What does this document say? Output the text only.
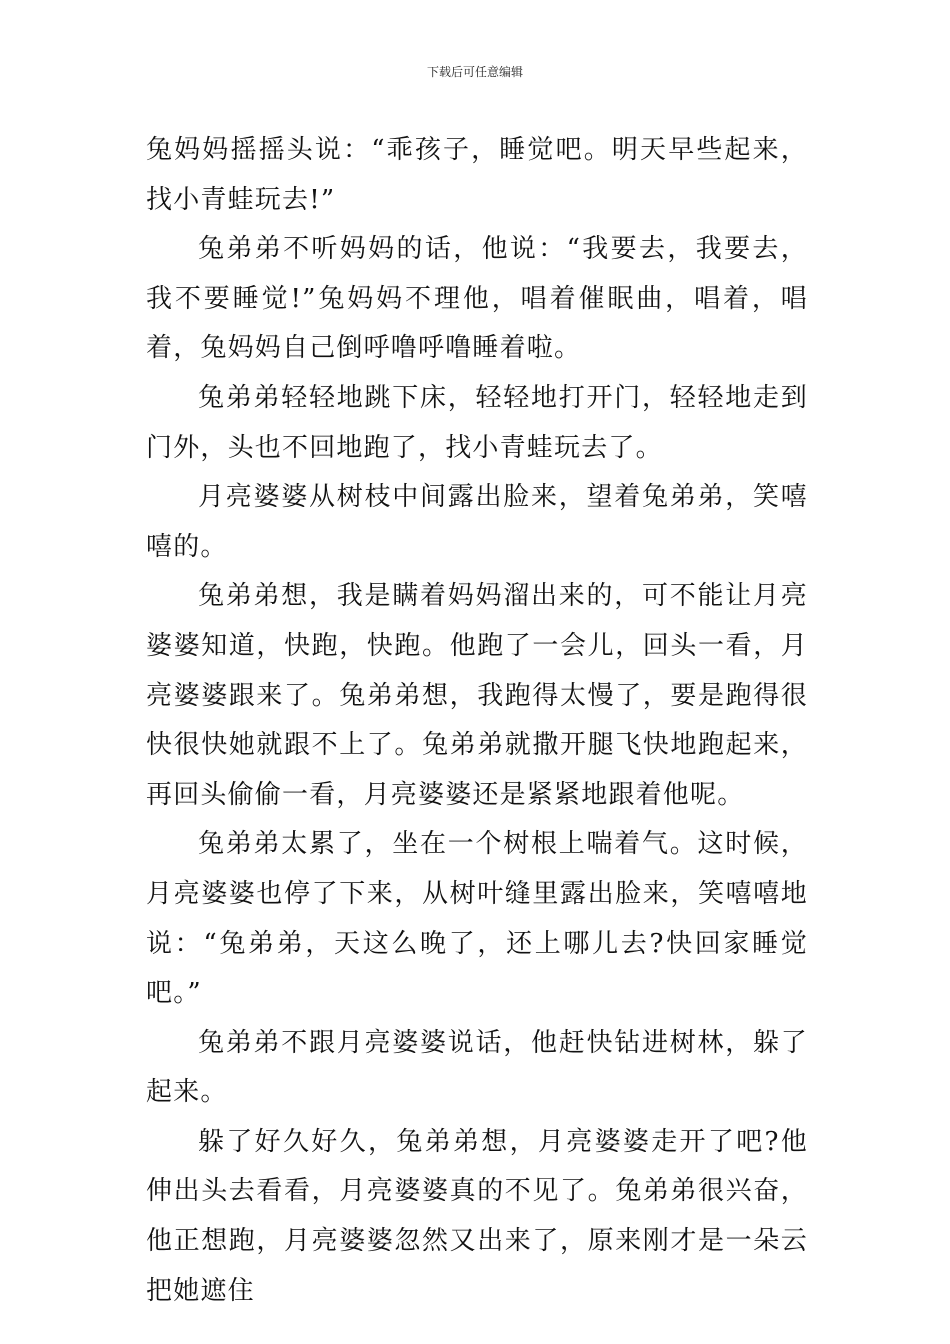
下载后可任意编辑

兔妈妈摇摇头说：“乖孩子，睡觉吧。明天早些起来，找小青蛙玩去!”

兔弟弟不听妈妈的话，他说：“我要去，我要去，我不要睡觉!”兔妈妈不理他，唱着催眠曲，唱着，唱着，兔妈妈自己倒呼噜呼噜睡着啦。

兔弟弟轻轻地跳下床，轻轻地打开门，轻轻地走到门外，头也不回地跑了，找小青蛙玩去了。

月亮婆婆从树枝中间露出脸来，望着兔弟弟，笑嘻嘻的。

兔弟弟想，我是瞒着妈妈溜出来的，可不能让月亮婆婆知道，快跑，快跑。他跑了一会儿，回头一看，月亮婆婆跟来了。兔弟弟想，我跑得太慢了，要是跑得很快很快她就跟不上了。兔弟弟就撒开腿飞快地跑起来，再回头偷偷一看，月亮婆婆还是紧紧地跟着他呢。

兔弟弟太累了，坐在一个树根上喘着气。这时候，月亮婆婆也停了下来，从树叶缝里露出脸来，笑嘻嘻地说：“兔弟弟，天这么晚了，还上哪儿去?快回家睡觉吧。”

兔弟弟不跟月亮婆婆说话，他赶快钻进树林，躲了起来。

躲了好久好久，兔弟弟想，月亮婆婆走开了吧?他伸出头去看看，月亮婆婆真的不见了。兔弟弟很兴奋，他正想跑，月亮婆婆忽然又出来了，原来刚才是一朵云把她遮住
